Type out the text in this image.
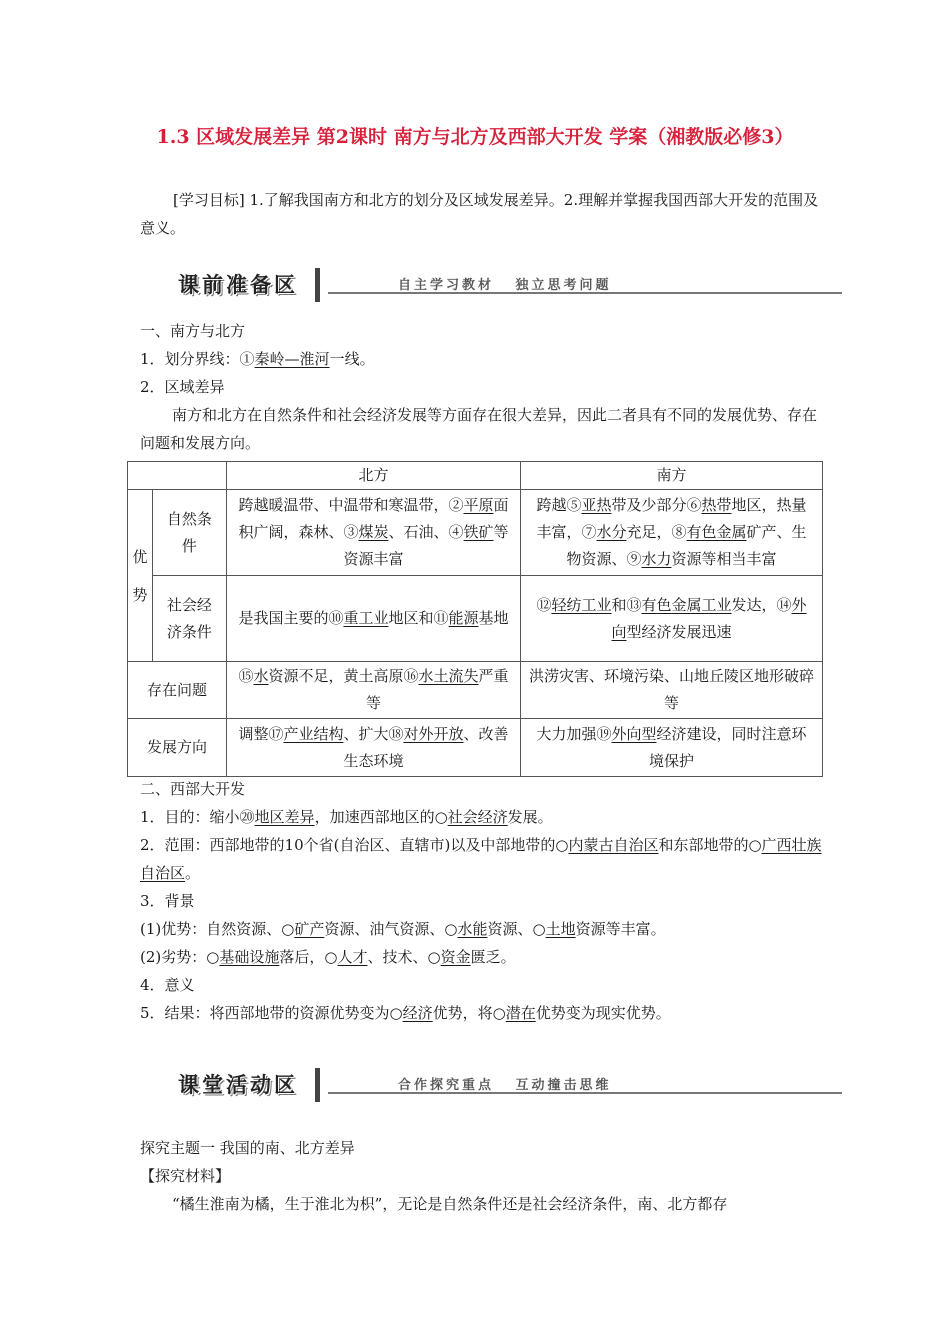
1.3 区域发展差异 第2课时 南方与北方及西部大开发 学案（湘教版必修3）
[学习目标] 1.了解我国南方和北方的划分及区域发展差异。2.理解并掌握我国西部大开发的范围及意义。
课前准备区	自主学习教材 独立思考问题
一、南方与北方
1．划分界线：①秦岭—淮河一线。
2．区域差异
南方和北方在自然条件和社会经济发展等方面存在很大差异，因此二者具有不同的发展优势、存在问题和发展方向。
		北方	南方

优势	自然条件	跨越暖温带、中温带和寒温带，②平原面积广阔，森林、③煤炭、石油、④铁矿等资源丰富	跨越⑤亚热带及少部分⑥热带地区，热量丰富，⑦水分充足，⑧有色金属矿产、生物资源、⑨水力资源等相当丰富
	社会经济条件	是我国主要的⑩重工业地区和⑪能源基地	⑫轻纺工业和⑬有色金属工业发达，⑭外向型经济发展迅速
存在问题		⑮水资源不足，黄土高原⑯水土流失严重等	洪涝灾害、环境污染、山地丘陵区地形破碎等
发展方向		调整⑰产业结构、扩大⑱对外开放、改善生态环境	大力加强⑲外向型经济建设，同时注意环境保护
二、西部大开发
1．目的：缩小⑳地区差异，加速西部地区的○社会经济发展。
2．范围：西部地带的10个省(自治区、直辖市)以及中部地带的○内蒙古自治区和东部地带的○广西壮族自治区。
3．背景
(1)优势：自然资源、○矿产资源、油气资源、○水能资源、○土地资源等丰富。
(2)劣势：○基础设施落后，○人才、技术、○资金匮乏。
4．意义
5．结果：将西部地带的资源优势变为○经济优势，将○潜在优势变为现实优势。
课堂活动区	合作探究重点 互动撞击思维
探究主题一 我国的南、北方差异
【探究材料】
“橘生淮南为橘，生于淮北为枳”，无论是自然条件还是社会经济条件，南、北方都存
